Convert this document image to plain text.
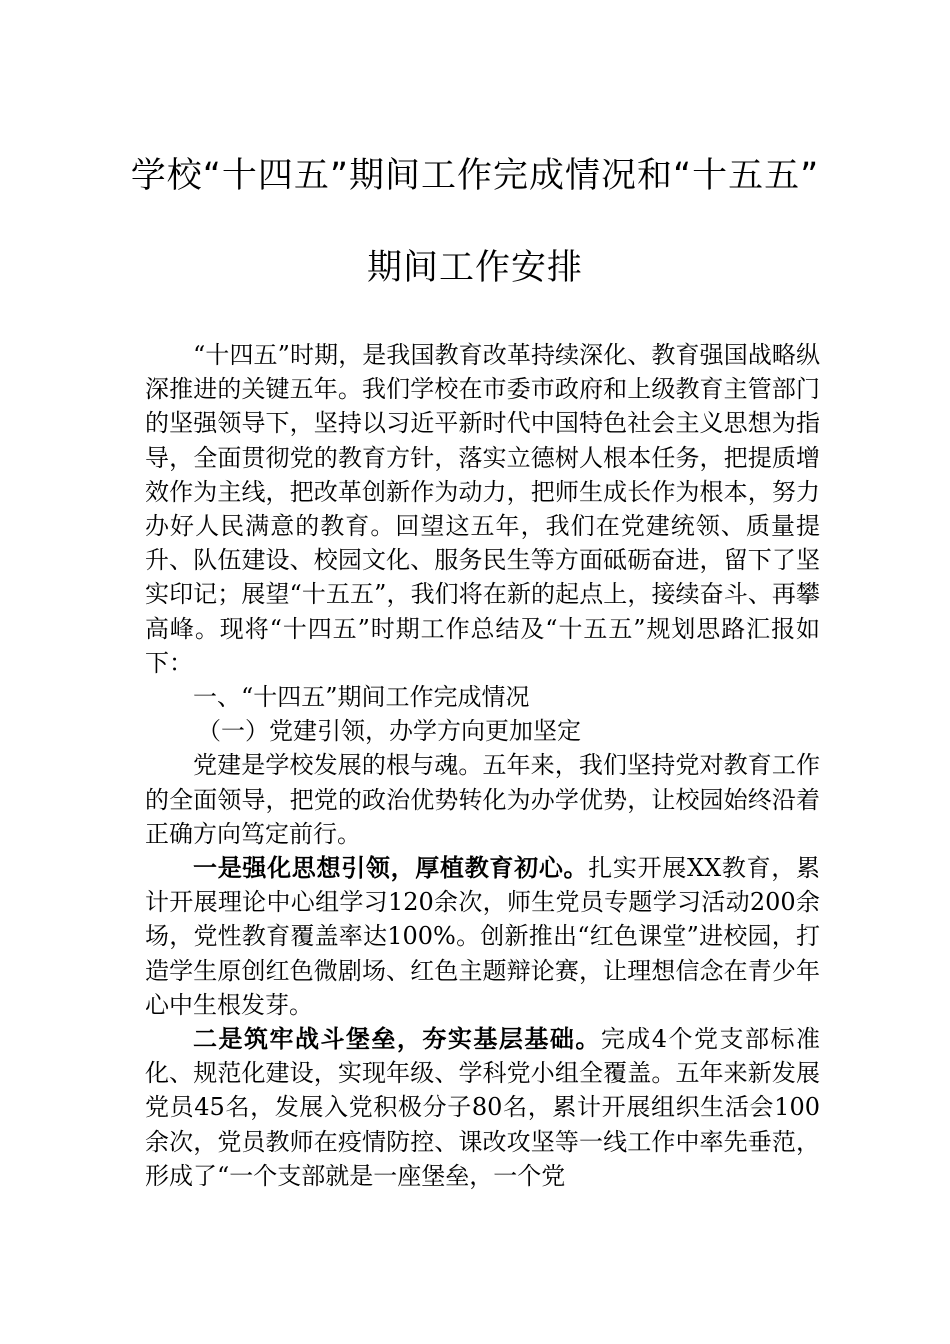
学校“十四五”期间工作完成情况和“十五五”
期间工作安排

“十四五”时期，是我国教育改革持续深化、教育强国战略纵深推进的关键五年。我们学校在市委市政府和上级教育主管部门的坚强领导下，坚持以习近平新时代中国特色社会主义思想为指导，全面贯彻党的教育方针，落实立德树人根本任务，把提质增效作为主线，把改革创新作为动力，把师生成长作为根本，努力办好人民满意的教育。回望这五年，我们在党建统领、质量提升、队伍建设、校园文化、服务民生等方面砥砺奋进，留下了坚实印记；展望“十五五”，我们将在新的起点上，接续奋斗、再攀高峰。现将“十四五”时期工作总结及“十五五”规划思路汇报如下：

一、“十四五”期间工作完成情况

（一）党建引领，办学方向更加坚定

党建是学校发展的根与魂。五年来，我们坚持党对教育工作的全面领导，把党的政治优势转化为办学优势，让校园始终沿着正确方向笃定前行。

一是强化思想引领，厚植教育初心。扎实开展XX教育，累计开展理论中心组学习120余次，师生党员专题学习活动200余场，党性教育覆盖率达100%。创新推出“红色课堂”进校园，打造学生原创红色微剧场、红色主题辩论赛，让理想信念在青少年心中生根发芽。

二是筑牢战斗堡垒，夯实基层基础。完成4个党支部标准化、规范化建设，实现年级、学科党小组全覆盖。五年来新发展党员45名，发展入党积极分子80名，累计开展组织生活会100余次，党员教师在疫情防控、课改攻坚等一线工作中率先垂范，形成了“一个支部就是一座堡垒，一个党
